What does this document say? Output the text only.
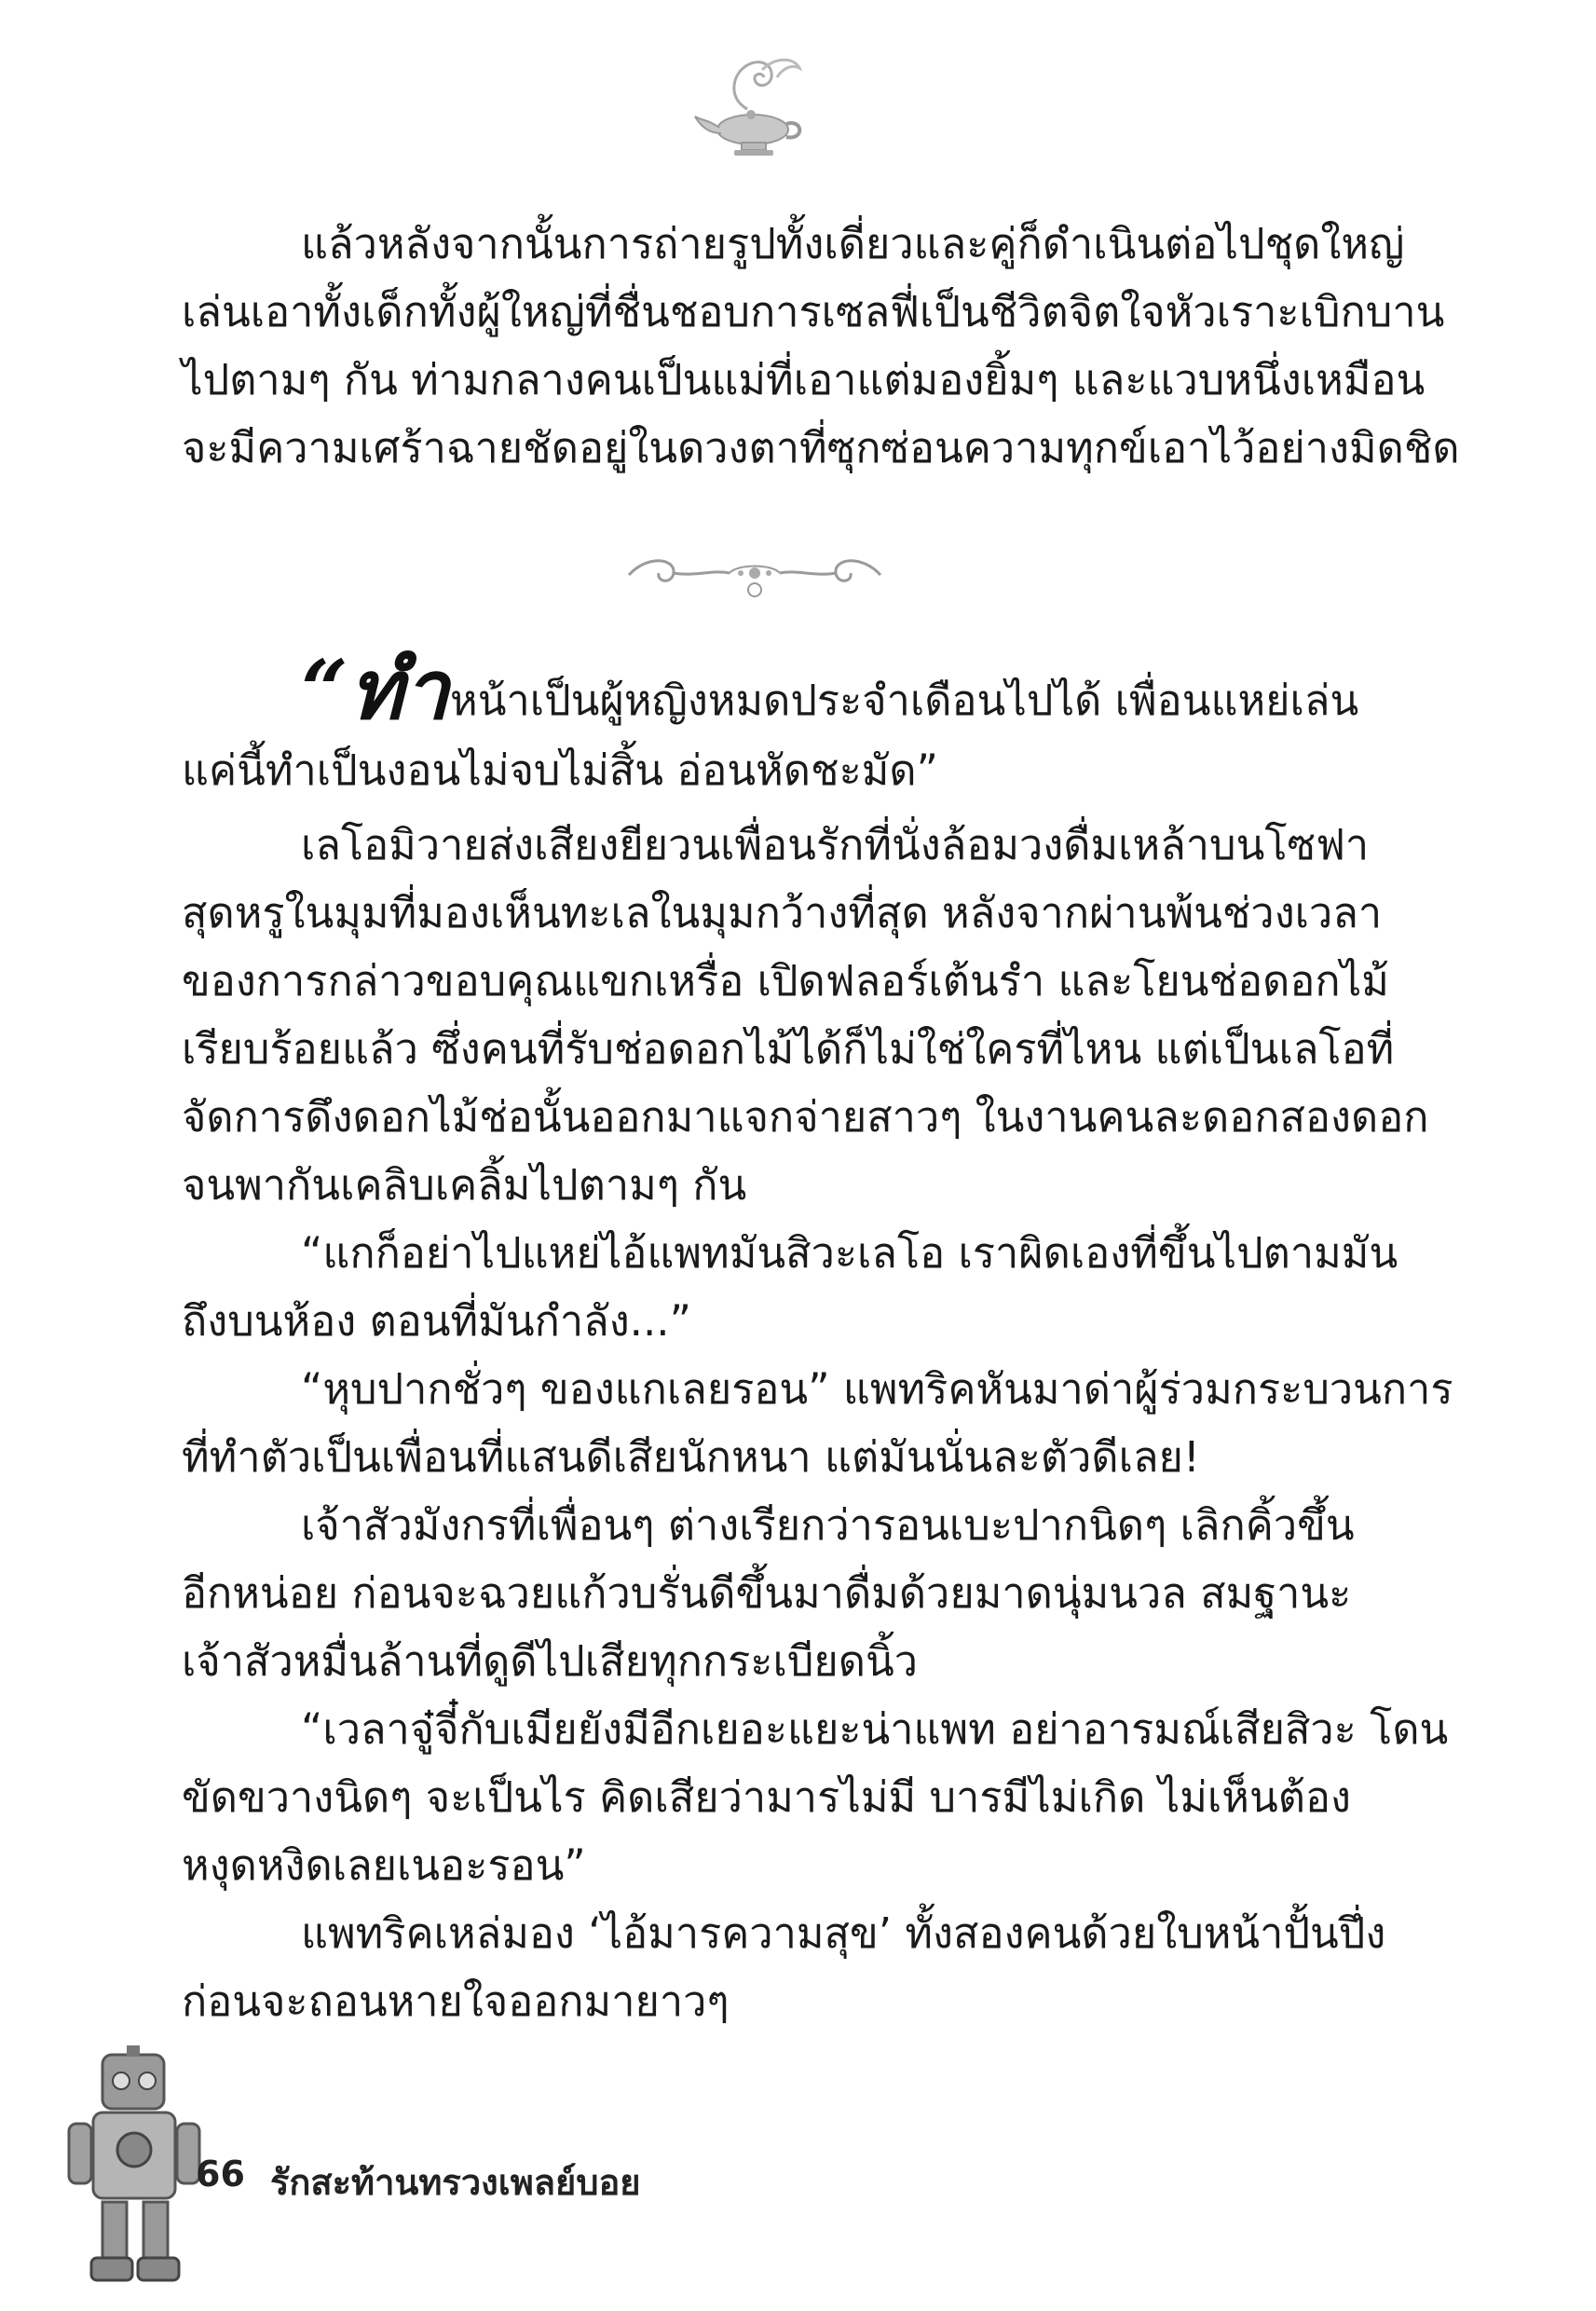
แล้วหลังจากนั้นการถ่ายรูปทั้งเดี่ยวและคู่ก็ดำเนินต่อไปชุดใหญ่
เล่นเอาทั้งเด็กทั้งผู้ใหญ่ที่ชื่นชอบการเซลฟี่เป็นชีวิตจิตใจหัวเราะเบิกบาน
ไปตามๆ กัน ท่ามกลางคนเป็นแม่ที่เอาแต่มองยิ้มๆ และแวบหนึ่งเหมือน
จะมีความเศร้าฉายชัดอยู่ในดวงตาที่ซุกซ่อนความทุกข์เอาไว้อย่างมิดชิด
“ทำหน้าเป็นผู้หญิงหมดประจำเดือนไปได้ เพื่อนแหย่เล่น
แค่นี้ทำเป็นงอนไม่จบไม่สิ้น อ่อนหัดชะมัด”
เลโอมิวายส่งเสียงยียวนเพื่อนรักที่นั่งล้อมวงดื่มเหล้าบนโซฟา
สุดหรูในมุมที่มองเห็นทะเลในมุมกว้างที่สุด หลังจากผ่านพ้นช่วงเวลา
ของการกล่าวขอบคุณแขกเหรื่อ เปิดฟลอร์เต้นรำ และโยนช่อดอกไม้
เรียบร้อยแล้ว ซึ่งคนที่รับช่อดอกไม้ได้ก็ไม่ใช่ใครที่ไหน แต่เป็นเลโอที่
จัดการดึงดอกไม้ช่อนั้นออกมาแจกจ่ายสาวๆ ในงานคนละดอกสองดอก
จนพากันเคลิบเคลิ้มไปตามๆ กัน
“แกก็อย่าไปแหย่ไอ้แพทมันสิวะเลโอ เราผิดเองที่ขึ้นไปตามมัน
ถึงบนห้อง ตอนที่มันกำลัง...”
“หุบปากชั่วๆ ของแกเลยรอน” แพทริคหันมาด่าผู้ร่วมกระบวนการ
ที่ทำตัวเป็นเพื่อนที่แสนดีเสียนักหนา แต่มันนั่นละตัวดีเลย!
เจ้าสัวมังกรที่เพื่อนๆ ต่างเรียกว่ารอนเบะปากนิดๆ เลิกคิ้วขึ้น
อีกหน่อย ก่อนจะฉวยแก้วบรั่นดีขึ้นมาดื่มด้วยมาดนุ่มนวล สมฐานะ
เจ้าสัวหมื่นล้านที่ดูดีไปเสียทุกกระเบียดนิ้ว
“เวลาจู๋จี๋กับเมียยังมีอีกเยอะแยะน่าแพท อย่าอารมณ์เสียสิวะ โดน
ขัดขวางนิดๆ จะเป็นไร คิดเสียว่ามารไม่มี บารมีไม่เกิด ไม่เห็นต้อง
หงุดหงิดเลยเนอะรอน”
แพทริคเหล่มอง ‘ไอ้มารความสุข’ ทั้งสองคนด้วยใบหน้าปั้นปึ่ง
ก่อนจะถอนหายใจออกมายาวๆ
66 รักสะท้านทรวงเพลย์บอย
